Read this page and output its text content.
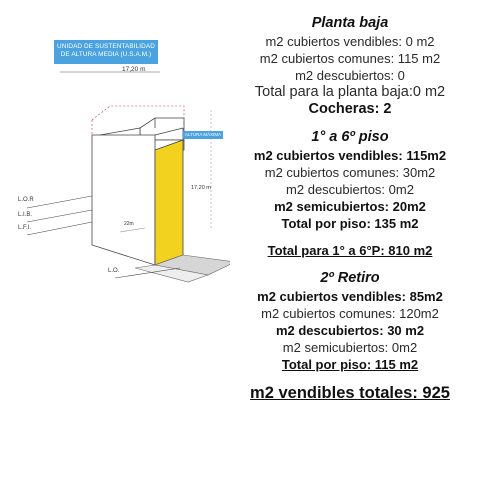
UNIDAD DE SUSTENTABILIDAD DE ALTURA MEDIA (U.S.A.M.)
17,20 m
ALTURA MÁXIMA
17,20 m
L.O.R
L.I.B.
L.F.I.
L.O.
22m
Planta baja
m2 cubiertos vendibles: 0 m2
m2 cubiertos comunes: 115 m2
m2 descubiertos: 0
Total para la planta baja:0 m2
Cocheras: 2
1° a 6º piso
m2 cubiertos vendibles: 115m2
m2 cubiertos comunes: 30m2
m2 descubiertos: 0m2
m2 semicubiertos: 20m2
Total por piso: 135 m2
Total para 1° a 6°P: 810 m2
2º Retiro
m2 cubiertos vendibles: 85m2
m2 cubiertos comunes: 120m2
m2 descubiertos: 30 m2
m2 semicubiertos: 0m2
Total por piso: 115 m2
m2 vendibles totales: 925
